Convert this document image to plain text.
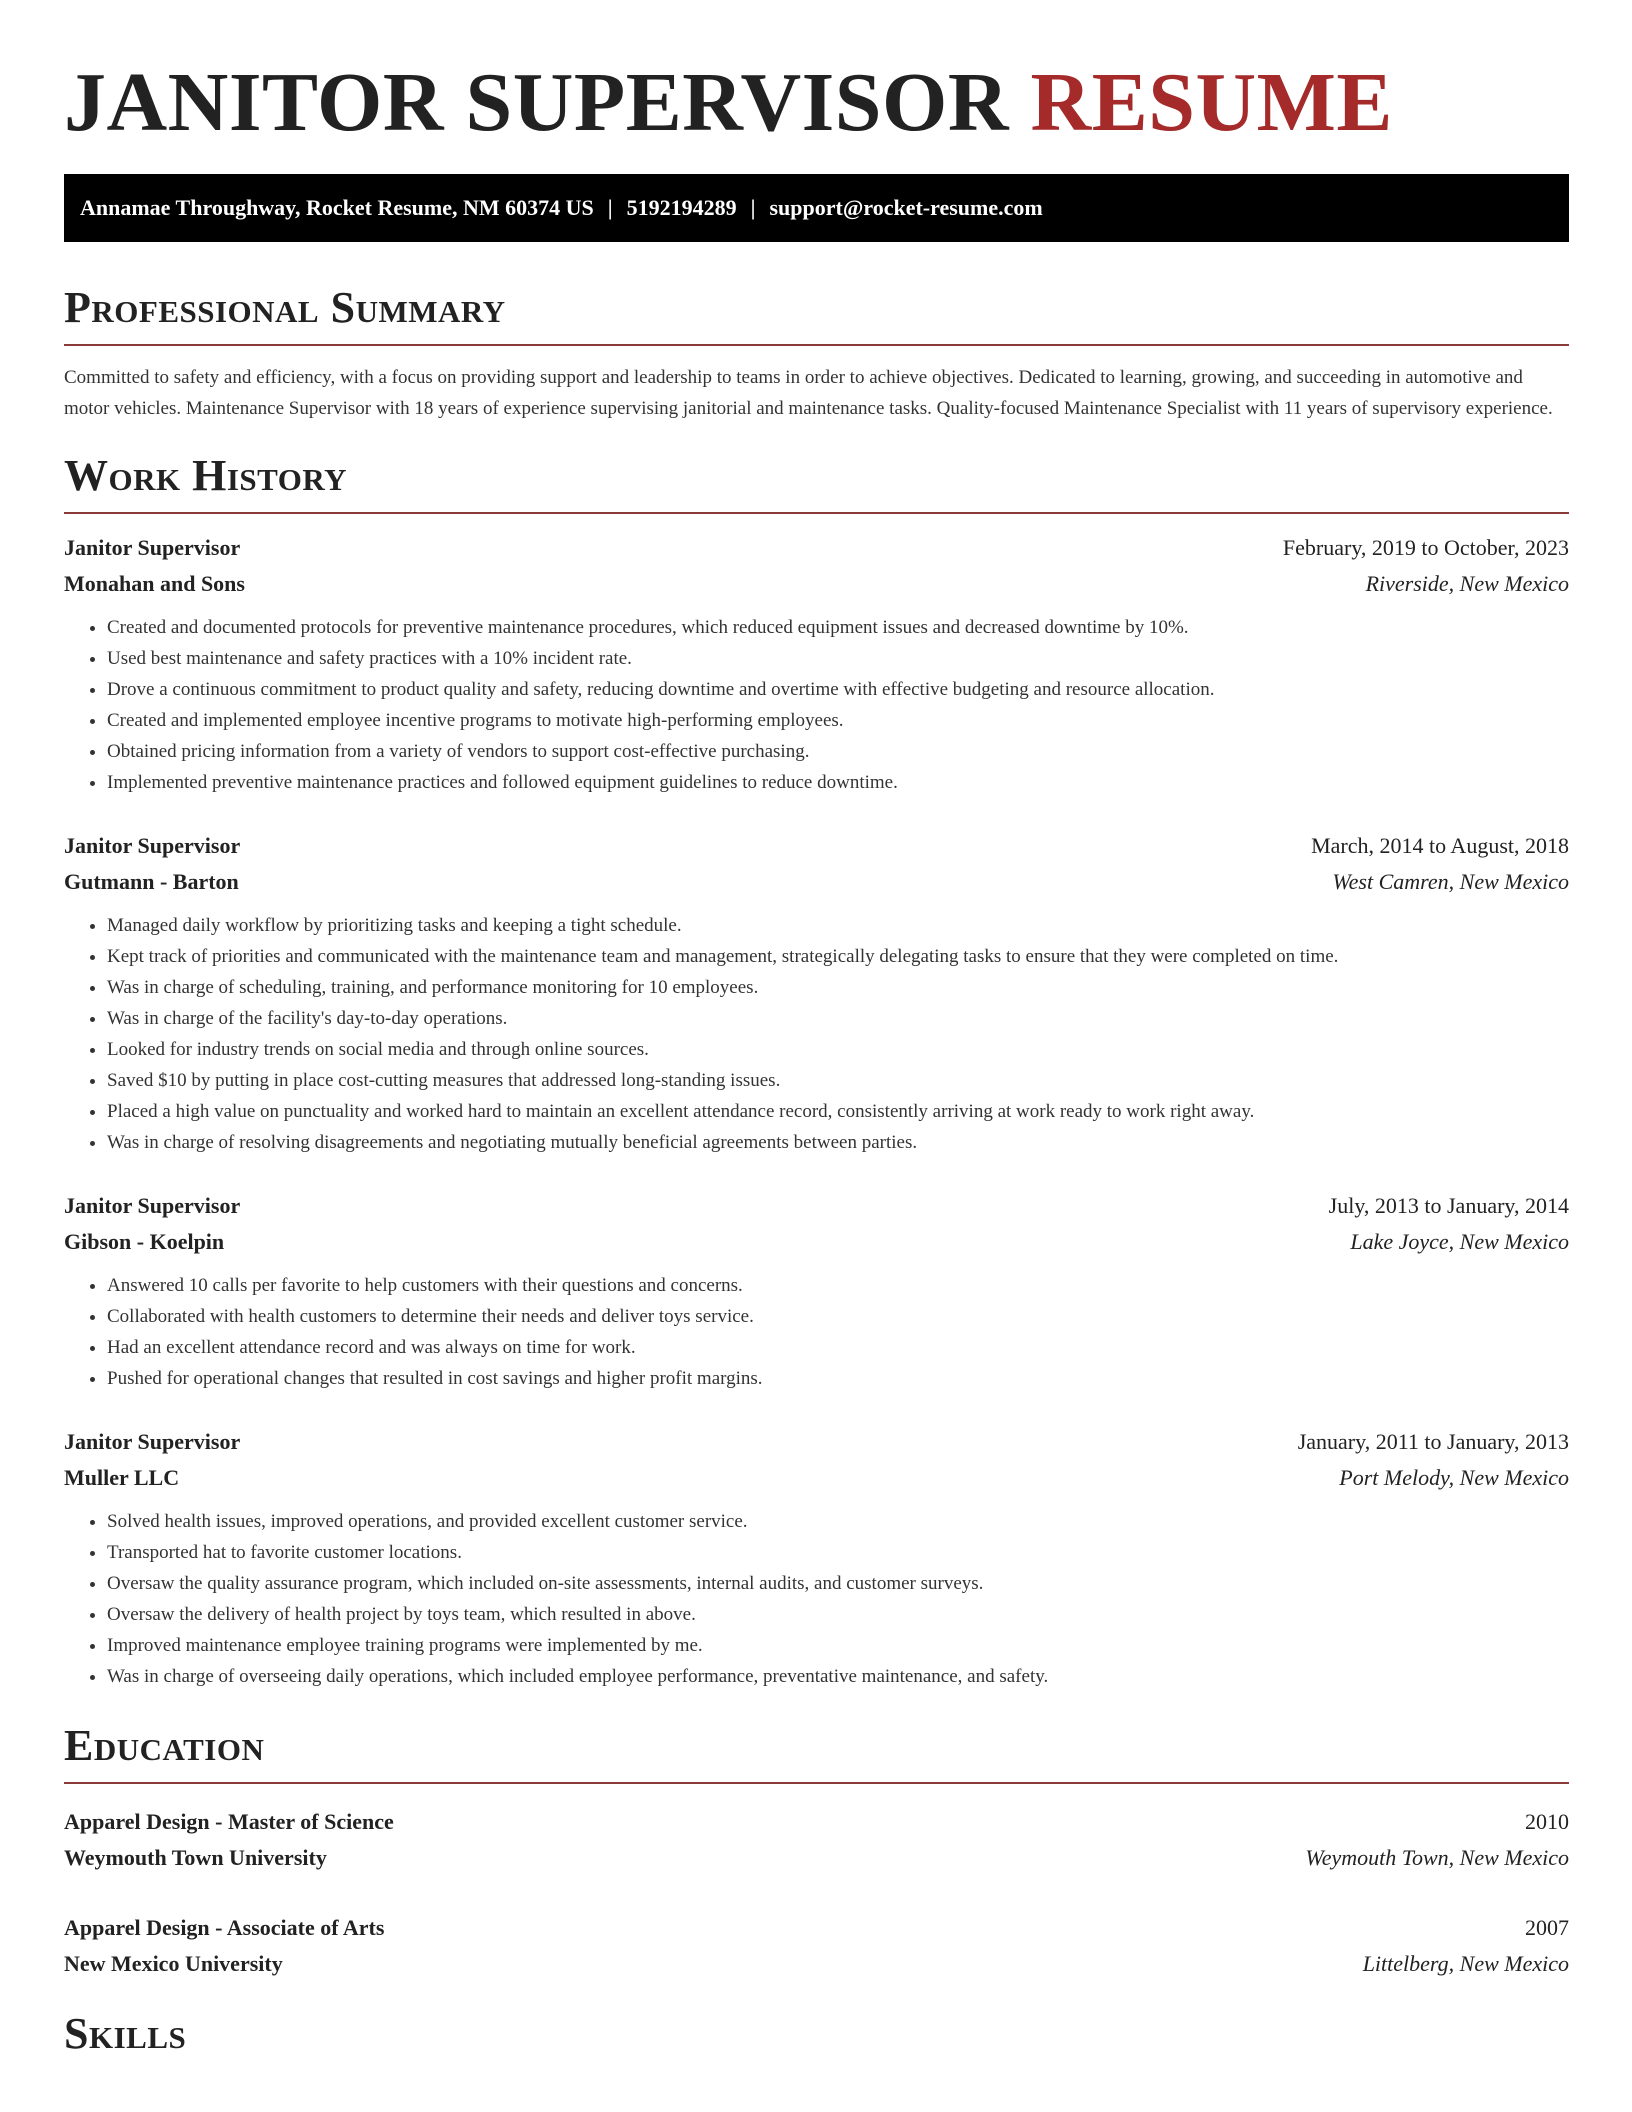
JANITOR SUPERVISOR RESUME
Annamae Throughway, Rocket Resume, NM 60374 US | 5192194289 | support@rocket-resume.com
Professional Summary

Committed to safety and efficiency, with a focus on providing support and leadership to teams in order to achieve objectives. Dedicated to learning, growing, and succeeding in automotive and motor vehicles. Maintenance Supervisor with 18 years of experience supervising janitorial and maintenance tasks. Quality-focused Maintenance Specialist with 11 years of supervisory experience.

Work History
Janitor Supervisor	February, 2019 to October, 2023
Monahan and Sons	Riverside, New Mexico
• Created and documented protocols for preventive maintenance procedures, which reduced equipment issues and decreased downtime by 10%.
• Used best maintenance and safety practices with a 10% incident rate.
• Drove a continuous commitment to product quality and safety, reducing downtime and overtime with effective budgeting and resource allocation.
• Created and implemented employee incentive programs to motivate high-performing employees.
• Obtained pricing information from a variety of vendors to support cost-effective purchasing.
• Implemented preventive maintenance practices and followed equipment guidelines to reduce downtime.
Janitor Supervisor	March, 2014 to August, 2018
Gutmann - Barton	West Camren, New Mexico
• Managed daily workflow by prioritizing tasks and keeping a tight schedule.
• Kept track of priorities and communicated with the maintenance team and management, strategically delegating tasks to ensure that they were completed on time.
• Was in charge of scheduling, training, and performance monitoring for 10 employees.
• Was in charge of the facility's day-to-day operations.
• Looked for industry trends on social media and through online sources.
• Saved $10 by putting in place cost-cutting measures that addressed long-standing issues.
• Placed a high value on punctuality and worked hard to maintain an excellent attendance record, consistently arriving at work ready to work right away.
• Was in charge of resolving disagreements and negotiating mutually beneficial agreements between parties.
Janitor Supervisor	July, 2013 to January, 2014
Gibson - Koelpin	Lake Joyce, New Mexico
• Answered 10 calls per favorite to help customers with their questions and concerns.
• Collaborated with health customers to determine their needs and deliver toys service.
• Had an excellent attendance record and was always on time for work.
• Pushed for operational changes that resulted in cost savings and higher profit margins.
Janitor Supervisor	January, 2011 to January, 2013
Muller LLC	Port Melody, New Mexico
• Solved health issues, improved operations, and provided excellent customer service.
• Transported hat to favorite customer locations.
• Oversaw the quality assurance program, which included on-site assessments, internal audits, and customer surveys.
• Oversaw the delivery of health project by toys team, which resulted in above.
• Improved maintenance employee training programs were implemented by me.
• Was in charge of overseeing daily operations, which included employee performance, preventative maintenance, and safety.
Education
Apparel Design - Master of Science	2010
Weymouth Town University	Weymouth Town, New Mexico
Apparel Design - Associate of Arts	2007
New Mexico University	Littelberg, New Mexico
Skills
